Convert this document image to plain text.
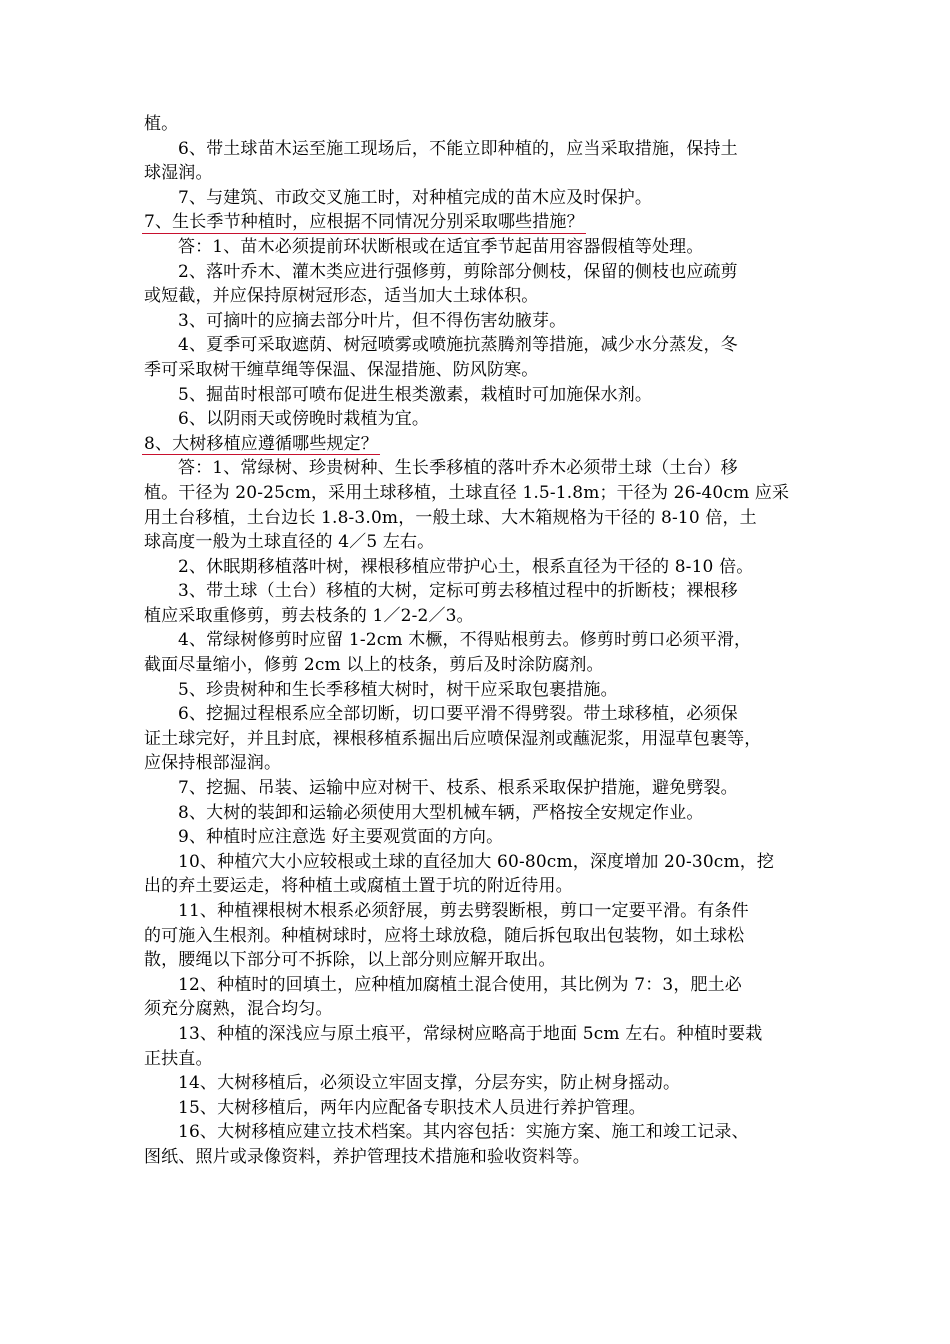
植。
6、带土球苗木运至施工现场后，不能立即种植的，应当采取措施，保持土
球湿润。
7、与建筑、市政交叉施工时，对种植完成的苗木应及时保护。
7、生长季节种植时，应根据不同情况分别采取哪些措施？
答：1、苗木必须提前环状断根或在适宜季节起苗用容器假植等处理。
2、落叶乔木、灌木类应进行强修剪，剪除部分侧枝，保留的侧枝也应疏剪
或短截，并应保持原树冠形态，适当加大土球体积。
3、可摘叶的应摘去部分叶片，但不得伤害幼腋芽。
4、夏季可采取遮荫、树冠喷雾或喷施抗蒸腾剂等措施，减少水分蒸发，冬
季可采取树干缠草绳等保温、保湿措施、防风防寒。
5、掘苗时根部可喷布促进生根类激素，栽植时可加施保水剂。
6、以阴雨天或傍晚时栽植为宜。
8、大树移植应遵循哪些规定？
答：1、常绿树、珍贵树种、生长季移植的落叶乔木必须带土球（土台）移
植。干径为 20-25cm，采用土球移植，土球直径 1.5-1.8m；干径为 26-40cm 应采
用土台移植，土台边长 1.8-3.0m，一般土球、大木箱规格为干径的 8-10 倍，土
球高度一般为土球直径的 4／5 左右。
2、休眠期移植落叶树，裸根移植应带护心土，根系直径为干径的 8-10 倍。
3、带土球（土台）移植的大树，定标可剪去移植过程中的折断枝；裸根移
植应采取重修剪，剪去枝条的 1／2-2／3。
4、常绿树修剪时应留 1-2cm 木橛，不得贴根剪去。修剪时剪口必须平滑，
截面尽量缩小，修剪 2cm 以上的枝条，剪后及时涂防腐剂。
5、珍贵树种和生长季移植大树时，树干应采取包裹措施。
6、挖掘过程根系应全部切断，切口要平滑不得劈裂。带土球移植，必须保
证土球完好，并且封底，裸根移植系掘出后应喷保湿剂或蘸泥浆，用湿草包裹等，
应保持根部湿润。
7、挖掘、吊装、运输中应对树干、枝系、根系采取保护措施，避免劈裂。
8、大树的装卸和运输必须使用大型机械车辆，严格按全安规定作业。
9、种植时应注意选 好主要观赏面的方向。
10、种植穴大小应较根或土球的直径加大 60-80cm，深度增加 20-30cm，挖
出的弃土要运走，将种植土或腐植土置于坑的附近待用。
11、种植裸根树木根系必须舒展，剪去劈裂断根，剪口一定要平滑。有条件
的可施入生根剂。种植树球时，应将土球放稳，随后拆包取出包装物，如土球松
散，腰绳以下部分可不拆除，以上部分则应解开取出。
12、种植时的回填土，应种植加腐植土混合使用，其比例为 7：3，肥土必
须充分腐熟，混合均匀。
13、种植的深浅应与原土痕平，常绿树应略高于地面 5cm 左右。种植时要栽
正扶直。
14、大树移植后，必须设立牢固支撑，分层夯实，防止树身摇动。
15、大树移植后，两年内应配备专职技术人员进行养护管理。
16、大树移植应建立技术档案。其内容包括：实施方案、施工和竣工记录、
图纸、照片或录像资料，养护管理技术措施和验收资料等。
